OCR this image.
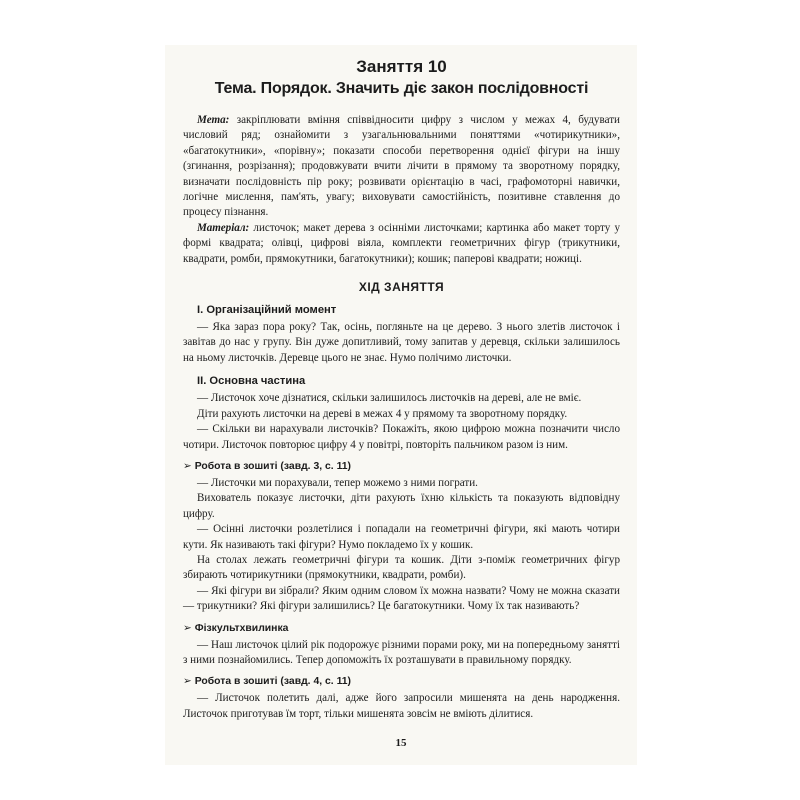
Заняття 10
Тема. Порядок. Значить діє закон послідовності

Мета: закріплювати вміння співвідносити цифру з числом у межах 4, будувати числовий ряд; ознайомити з узагальнювальними поняттями «чотирикутники», «багатокутники», «порівну»; показати способи перетворення однієї фігури на іншу (згинання, розрізання); продовжувати вчити лічити в прямому та зворотному порядку, визначати послідовність пір року; розвивати орієнтацію в часі, графомоторні навички, логічне мислення, пам'ять, увагу; виховувати самостійність, позитивне ставлення до процесу пізнання.

Матеріал: листочок; макет дерева з осінніми листочками; картинка або макет торту у формі квадрата; олівці, цифрові віяла, комплекти геометричних фігур (трикутники, квадрати, ромби, прямокутники, багатокутники); кошик; паперові квадрати; ножиці.

ХІД ЗАНЯТТЯ
І. Організаційний момент

— Яка зараз пора року? Так, осінь, погляньте на це дерево. З нього злетів листочок і завітав до нас у групу. Він дуже допитливий, тому запитав у деревця, скільки залишилось на ньому листочків. Деревце цього не знає. Нумо полічимо листочки.

ІІ. Основна частина

— Листочок хоче дізнатися, скільки залишилось листочків на дереві, але не вміє.

Діти рахують листочки на дереві в межах 4 у прямому та зворотному порядку.

— Скільки ви нарахували листочків? Покажіть, якою цифрою можна позначити число чотири. Листочок повторює цифру 4 у повітрі, повторіть пальчиком разом із ним.

➢ Робота в зошиті (завд. 3, с. 11)

— Листочки ми порахували, тепер можемо з ними пограти.

Вихователь показує листочки, діти рахують їхню кількість та показують відповідну цифру.

— Осінні листочки розлетілися і попадали на геометричні фігури, які мають чотири кути. Як називають такі фігури? Нумо покладемо їх у кошик.

На столах лежать геометричні фігури та кошик. Діти з-поміж геометричних фігур збирають чотирикутники (прямокутники, квадрати, ромби).

— Які фігури ви зібрали? Яким одним словом їх можна назвати? Чому не можна сказати — трикутники? Які фігури залишились? Це багатокутники. Чому їх так називають?

➢ Фізкультхвилинка

— Наш листочок цілий рік подорожує різними порами року, ми на попередньому занятті з ними познайомились. Тепер допоможіть їх розташувати в правильному порядку.

➢ Робота в зошиті (завд. 4, с. 11)

— Листочок полетить далі, адже його запросили мишенята на день народження. Листочок приготував їм торт, тільки мишенята зовсім не вміють ділитися.

15
